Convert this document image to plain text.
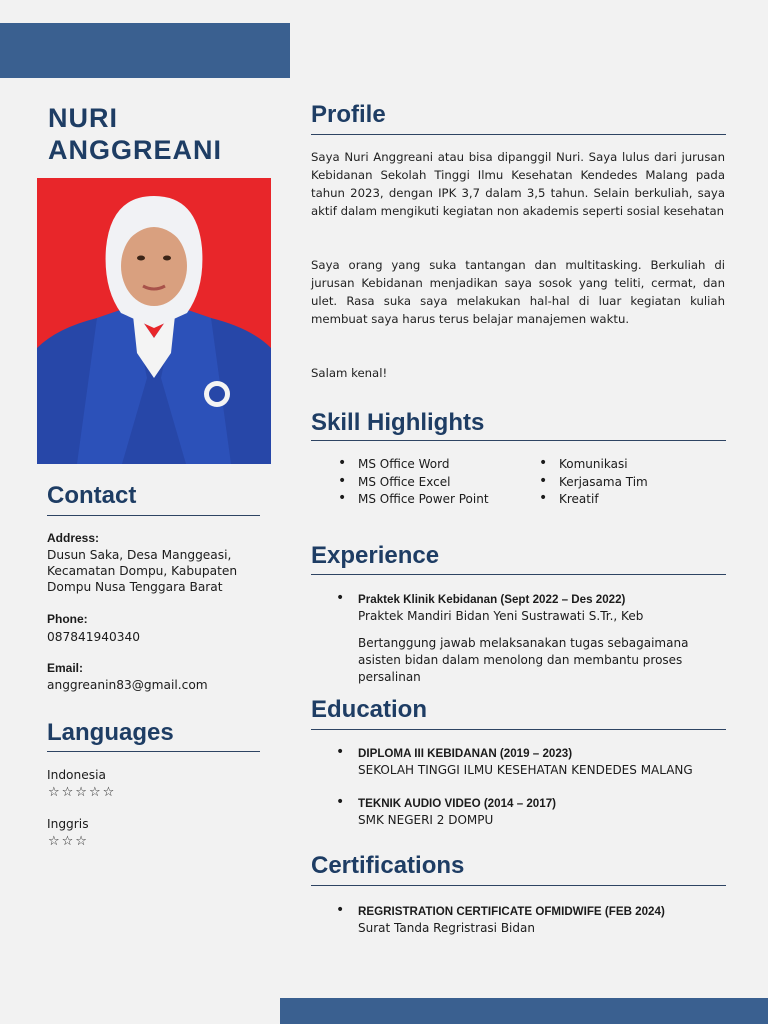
NURI
ANGGREANI
Contact

Address:

Dusun Saka, Desa Manggeasi,

Kecamatan Dompu, Kabupaten

Dompu Nusa Tenggara Barat

Phone:

087841940340

Email:

anggreanin83@gmail.com

Languages

Indonesia

☆☆☆☆☆

Inggris

☆☆☆
Profile

Saya Nuri Anggreani atau bisa dipanggil Nuri. Saya lulus dari jurusan Kebidanan Sekolah Tinggi Ilmu Kesehatan Kendedes Malang pada tahun 2023, dengan IPK 3,7 dalam 3,5 tahun. Selain berkuliah, saya aktif dalam mengikuti kegiatan non akademis seperti sosial kesehatan

Saya orang yang suka tantangan dan multitasking. Berkuliah di jurusan Kebidanan menjadikan saya sosok yang teliti, cermat, dan ulet. Rasa suka saya melakukan hal-hal di luar kegiatan kuliah membuat saya harus terus belajar manajemen waktu.

Salam kenal!

Skill Highlights
• MS Office Word
• MS Office Excel
• MS Office Power Point
• Komunikasi
• Kerjasama Tim
• Kreatif
Experience
• Praktek Klinik Kebidanan (Sept 2022 – Des 2022)

Praktek Mandiri Bidan Yeni Sustrawati S.Tr., Keb

Bertanggung jawab melaksanakan tugas sebagaimana asisten bidan dalam menolong dan membantu proses persalinan

Education
• DIPLOMA III KEBIDANAN (2019 – 2023)

SEKOLAH TINGGI ILMU KESEHATAN KENDEDES MALANG

• TEKNIK AUDIO VIDEO (2014 – 2017)

SMK NEGERI 2 DOMPU

Certifications
• REGRISTRATION CERTIFICATE OFMIDWIFE (FEB 2024)

Surat Tanda Regristrasi Bidan
